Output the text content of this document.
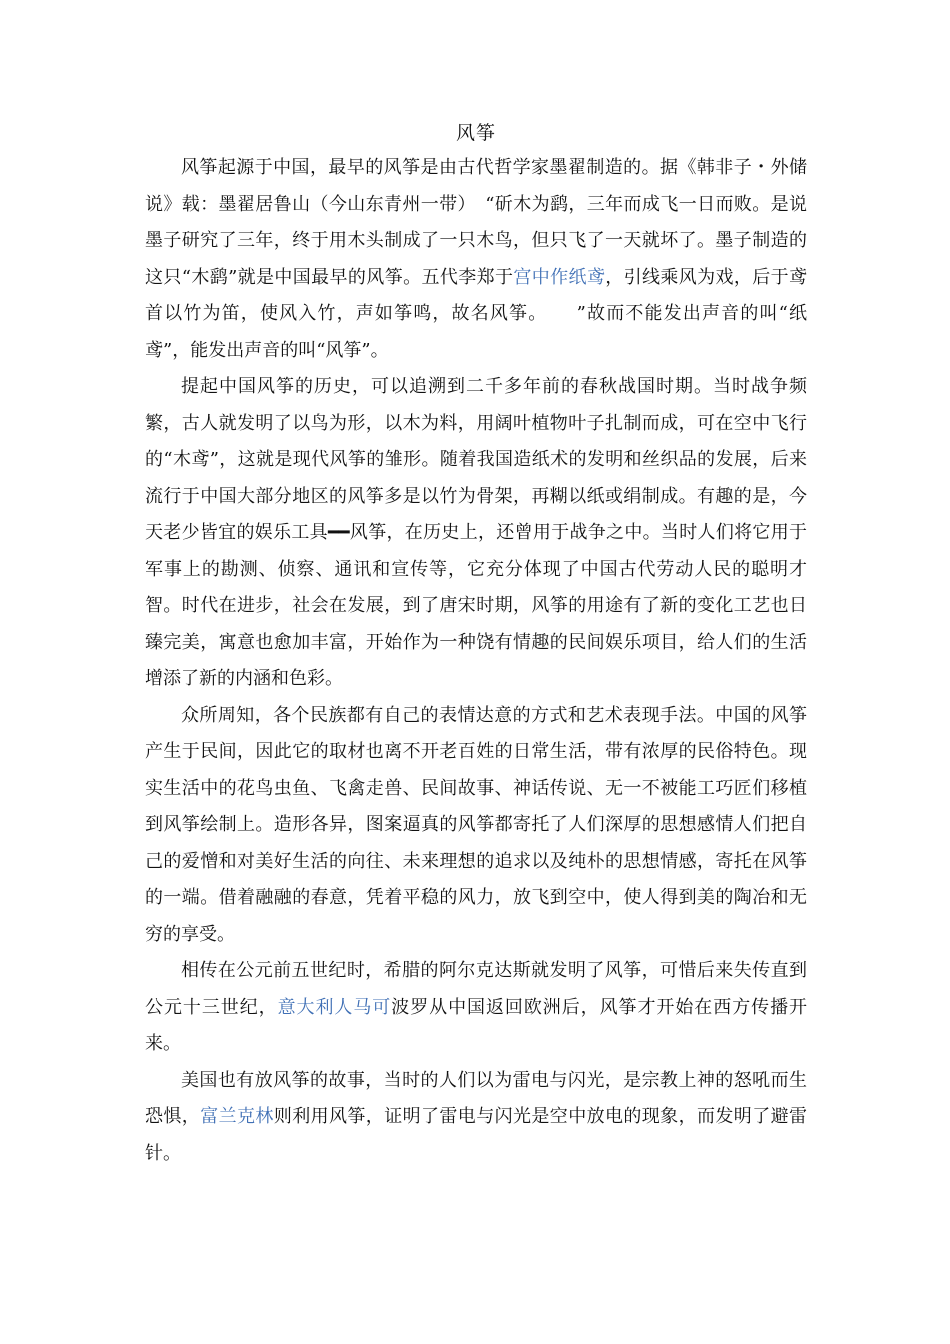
风筝

风筝起源于中国，最早的风筝是由古代哲学家墨翟制造的。据《韩非子・外储说》载：墨翟居鲁山（今山东青州一带）　“斫木为鹞，三年而成飞一日而败。是说墨子研究了三年，终于用木头制成了一只木鸟，但只飞了一天就坏了。墨子制造的这只“木鹞”就是中国最早的风筝。五代李郑于宫中作纸鸢，引线乘风为戏，后于鸢首以竹为笛，使风入竹，声如筝鸣，故名风筝。　　”故而不能发出声音的叫“纸鸢”，能发出声音的叫“风筝”。

提起中国风筝的历史，可以追溯到二千多年前的春秋战国时期。当时战争频繁，古人就发明了以鸟为形，以木为料，用阔叶植物叶子扎制而成，可在空中飞行的“木鸢”，这就是现代风筝的雏形。随着我国造纸术的发明和丝织品的发展，后来流行于中国大部分地区的风筝多是以竹为骨架，再糊以纸或绢制成。有趣的是，今天老少皆宜的娱乐工具━━风筝，在历史上，还曾用于战争之中。当时人们将它用于军事上的勘测、侦察、通讯和宣传等，它充分体现了中国古代劳动人民的聪明才智。时代在进步，社会在发展，到了唐宋时期，风筝的用途有了新的变化工艺也日臻完美，寓意也愈加丰富，开始作为一种饶有情趣的民间娱乐项目，给人们的生活增添了新的内涵和色彩。

众所周知，各个民族都有自己的表情达意的方式和艺术表现手法。中国的风筝产生于民间，因此它的取材也离不开老百姓的日常生活，带有浓厚的民俗特色。现实生活中的花鸟虫鱼、飞禽走兽、民间故事、神话传说、无一不被能工巧匠们移植到风筝绘制上。造形各异，图案逼真的风筝都寄托了人们深厚的思想感情人们把自己的爱憎和对美好生活的向往、未来理想的追求以及纯朴的思想情感，寄托在风筝的一端。借着融融的春意，凭着平稳的风力，放飞到空中，使人得到美的陶冶和无穷的享受。

相传在公元前五世纪时，希腊的阿尔克达斯就发明了风筝，可惜后来失传直到公元十三世纪，意大利人马可波罗从中国返回欧洲后，风筝才开始在西方传播开来。

美国也有放风筝的故事，当时的人们以为雷电与闪光，是宗教上神的怒吼而生恐惧，富兰克林则利用风筝，证明了雷电与闪光是空中放电的现象，而发明了避雷针。
